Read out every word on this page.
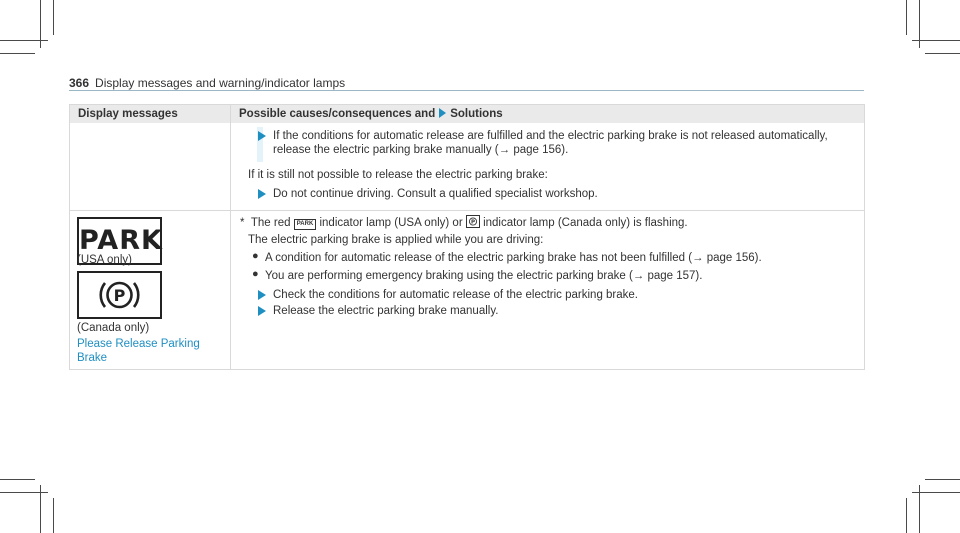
366 Display messages and warning/indicator lamps
Display messages	Possible causes/consequences and Solutions
If the conditions for automatic release are fulfilled and the electric parking brake is not released automatically,
release the electric parking brake manually (→ page 156).
If it is still not possible to release the electric parking brake:
Do not continue driving. Consult a qualified specialist workshop.
PARK
(USA only)
P
(Canada only)
Please Release Parking
Brake
* The red PARK indicator lamp (USA only) or P indicator lamp (Canada only) is flashing.
The electric parking brake is applied while you are driving:
● A condition for automatic release of the electric parking brake has not been fulfilled (→ page 156).
● You are performing emergency braking using the electric parking brake (→ page 157).
Check the conditions for automatic release of the electric parking brake.
Release the electric parking brake manually.
